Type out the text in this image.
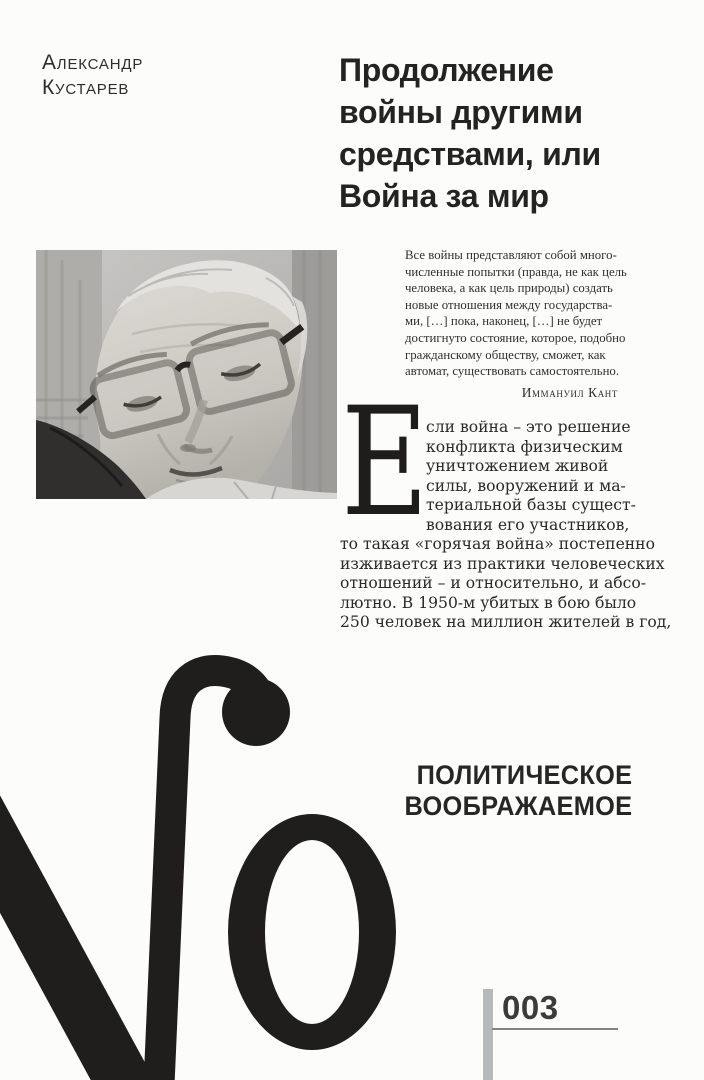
Александр
Кустарев	Продолжение
войны другими
средствами, или
Война за мир
Все войны представляют собой много-
численные попытки (правда, не как цель
человека, а как цель природы) создать
новые отношения между государства-
ми, […] пока, наконец, […] не будет
достигнуто состояние, которое, подобно
гражданскому обществу, сможет, как
автомат, существовать самостоятельно.
Иммануил Кант
Е
сли война – это решение
конфликта физическим
уничтожением живой
силы, вооружений и ма-
териальной базы сущест-
вования его участников,
то такая «горячая война» постепенно
изживается из практики человеческих
отношений – и относительно, и абсо-
лютно. В 1950-м убитых в бою было
250 человек на миллион жителей в год,
ПОЛИТИЧЕСКОЕ
ВООБРАЖАЕМОЕ
003
